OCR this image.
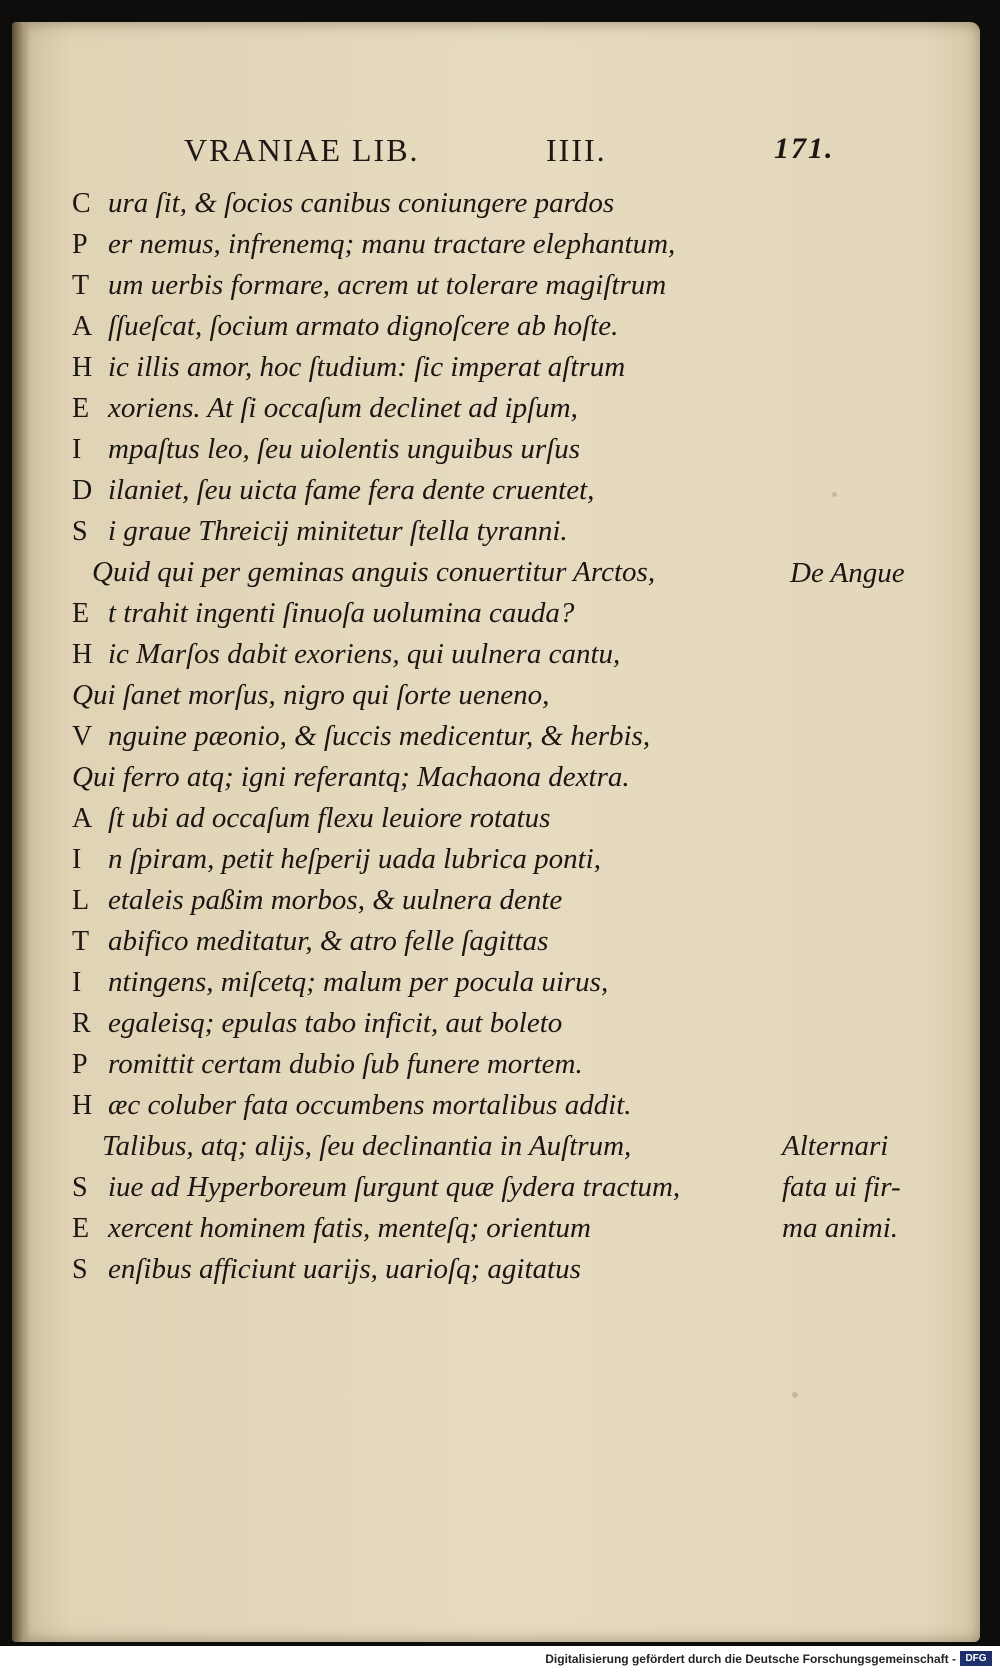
VRANIAE LIB.	IIII.	171.
C ura ſit, & ſocios canibus coniungere pardos
P er nemus, infrenemq; manu tractare elephantum,
T um uerbis formare, acrem ut tolerare magiſtrum
A ſſueſcat, ſocium armato dignoſcere ab hoſte.
H ic illis amor, hoc ſtudium: ſic imperat aſtrum
E xoriens. At ſi occaſum declinet ad ipſum,
I mpaſtus leo, ſeu uiolentis unguibus urſus
D ilaniet, ſeu uicta fame fera dente cruentet,
S i graue Threicij minitetur ſtella tyranni.
Quid qui per geminas anguis conuertitur Arctos,
E t trahit ingenti ſinuoſa uolumina cauda?
H ic Marſos dabit exoriens, qui uulnera cantu,
Qui ſanet morſus, nigro qui ſorte ueneno,
V nguine pæonio, & ſuccis medicentur, & herbis,
Qui ferro atq; igni referantq; Machaona dextra.
A ſt ubi ad occaſum flexu leuiore rotatus
I n ſpiram, petit heſperij uada lubrica ponti,
L etaleis paßim morbos, & uulnera dente
T abifico meditatur, & atro felle ſagittas
I ntingens, miſcetq; malum per pocula uirus,
R egaleisq; epulas tabo inficit, aut boleto
P romittit certam dubio ſub funere mortem.
H æc coluber fata occumbens mortalibus addit.
Talibus, atq; alijs, ſeu declinantia in Auſtrum,
S iue ad Hyperboreum ſurgunt quæ ſydera tractum,
E xercent hominem fatis, menteſq; orientum
S enſibus afficiunt uarijs, uarioſq; agitatus
De Angue
Alternari
fata ui fir-
ma animi.
Digitalisierung gefördert durch die Deutsche Forschungsgemeinschaft - DFG
